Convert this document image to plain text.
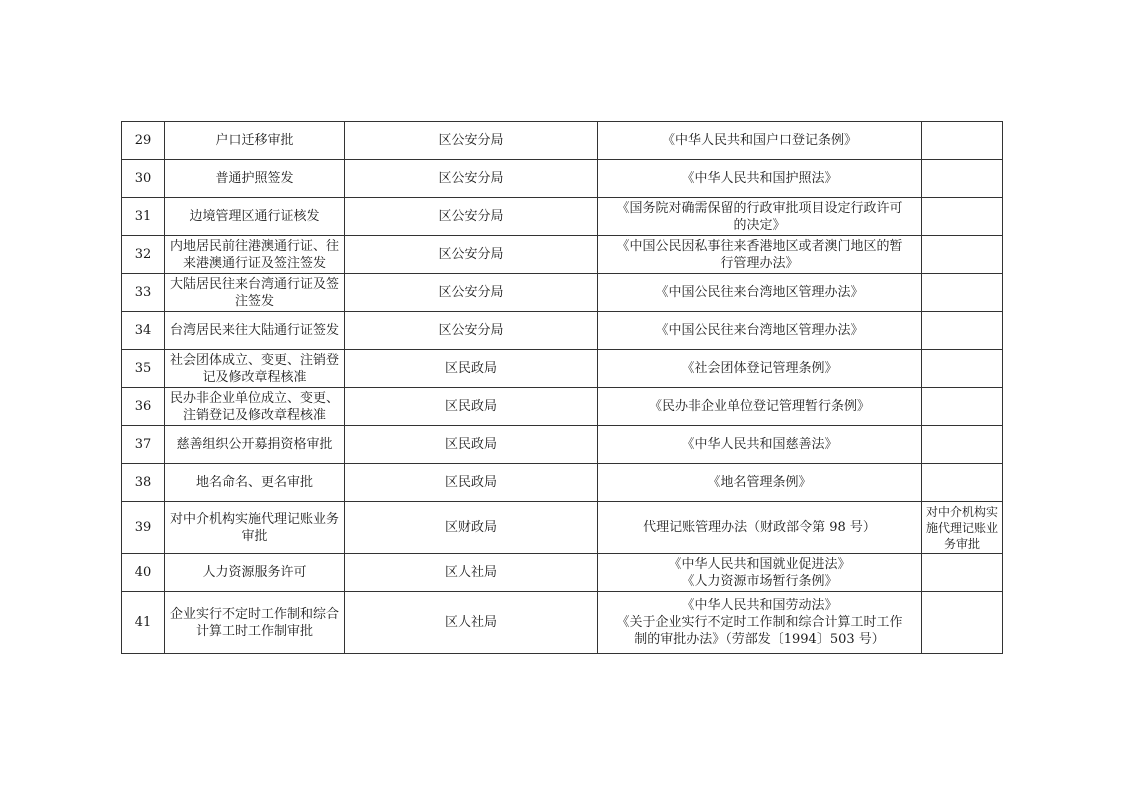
29	户口迁移审批	区公安分局	《中华人民共和国户口登记条例》	

30	普通护照签发	区公安分局	《中华人民共和国护照法》	

31	边境管理区通行证核发	区公安分局	《国务院对确需保留的行政审批项目设定行政许可
的决定》	

32	内地居民前往港澳通行证、往来港澳通行证及签注签发	区公安分局	《中国公民因私事往来香港地区或者澳门地区的暂
行管理办法》	

33	大陆居民往来台湾通行证及签注签发	区公安分局	《中国公民往来台湾地区管理办法》	

34	台湾居民来往大陆通行证签发	区公安分局	《中国公民往来台湾地区管理办法》	

35	社会团体成立、变更、注销登记及修改章程核准	区民政局	《社会团体登记管理条例》	

36	民办非企业单位成立、变更、注销登记及修改章程核准	区民政局	《民办非企业单位登记管理暂行条例》	

37	慈善组织公开募捐资格审批	区民政局	《中华人民共和国慈善法》	

38	地名命名、更名审批	区民政局	《地名管理条例》	

39	对中介机构实施代理记账业务审批	区财政局	代理记账管理办法（财政部令第 98 号）	对中介机构实施代理记账业务审批
40	人力资源服务许可	区人社局	《中华人民共和国就业促进法》
《人力资源市场暂行条例》	

41	企业实行不定时工作制和综合计算工时工作制审批	区人社局	《中华人民共和国劳动法》
《关于企业实行不定时工作制和综合计算工时工作
制的审批办法》（劳部发〔1994〕503 号）	
